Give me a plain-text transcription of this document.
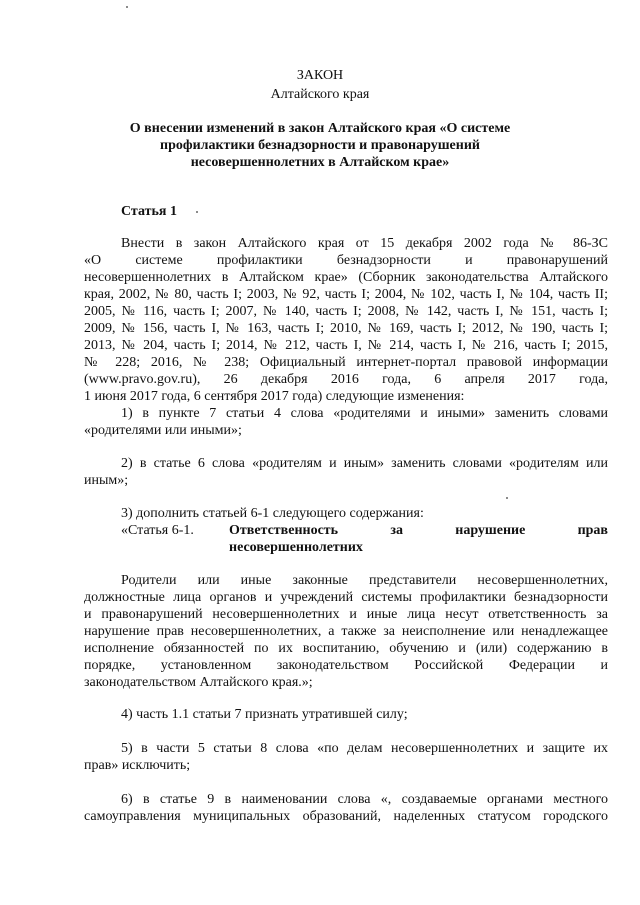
ЗАКОН
Алтайского края
О внесении изменений в закон Алтайского края «О системе
профилактики безнадзорности и правонарушений
несовершеннолетних в Алтайском крае»
Статья 1
Внести в закон Алтайского края от 15 декабря 2002 года № 86-ЗС
«О системе профилактики безнадзорности и правонарушений
несовершеннолетних в Алтайском крае» (Сборник законодательства Алтайского
края, 2002, № 80, часть I; 2003, № 92, часть I; 2004, № 102, часть I, № 104, часть II;
2005, № 116, часть I; 2007, № 140, часть I; 2008, № 142, часть I, № 151, часть I;
2009, № 156, часть I, № 163, часть I; 2010, № 169, часть I; 2012, № 190, часть I;
2013, № 204, часть I; 2014, № 212, часть I, № 214, часть I, № 216, часть I; 2015,
№ 228; 2016, № 238; Официальный интернет-портал правовой информации
(www.pravo.gov.ru), 26 декабря 2016 года, 6 апреля 2017 года,
1 июня 2017 года, 6 сентября 2017 года) следующие изменения:
1) в пункте 7 статьи 4 слова «родителями и иными» заменить словами
«родителями или иными»;
2) в статье 6 слова «родителям и иным» заменить словами «родителям или
иным»;
3) дополнить статьей 6-1 следующего содержания:
«Статья 6-1.	Ответственность за нарушение прав
несовершеннолетних
Родители или иные законные представители несовершеннолетних,
должностные лица органов и учреждений системы профилактики безнадзорности
и правонарушений несовершеннолетних и иные лица несут ответственность за
нарушение прав несовершеннолетних, а также за неисполнение или ненадлежащее
исполнение обязанностей по их воспитанию, обучению и (или) содержанию в
порядке, установленном законодательством Российской Федерации и
законодательством Алтайского края.»;
4) часть 1.1 статьи 7 признать утратившей силу;
5) в части 5 статьи 8 слова «по делам несовершеннолетних и защите их
прав» исключить;
6) в статье 9 в наименовании слова «, создаваемые органами местного
самоуправления муниципальных образований, наделенных статусом городского
